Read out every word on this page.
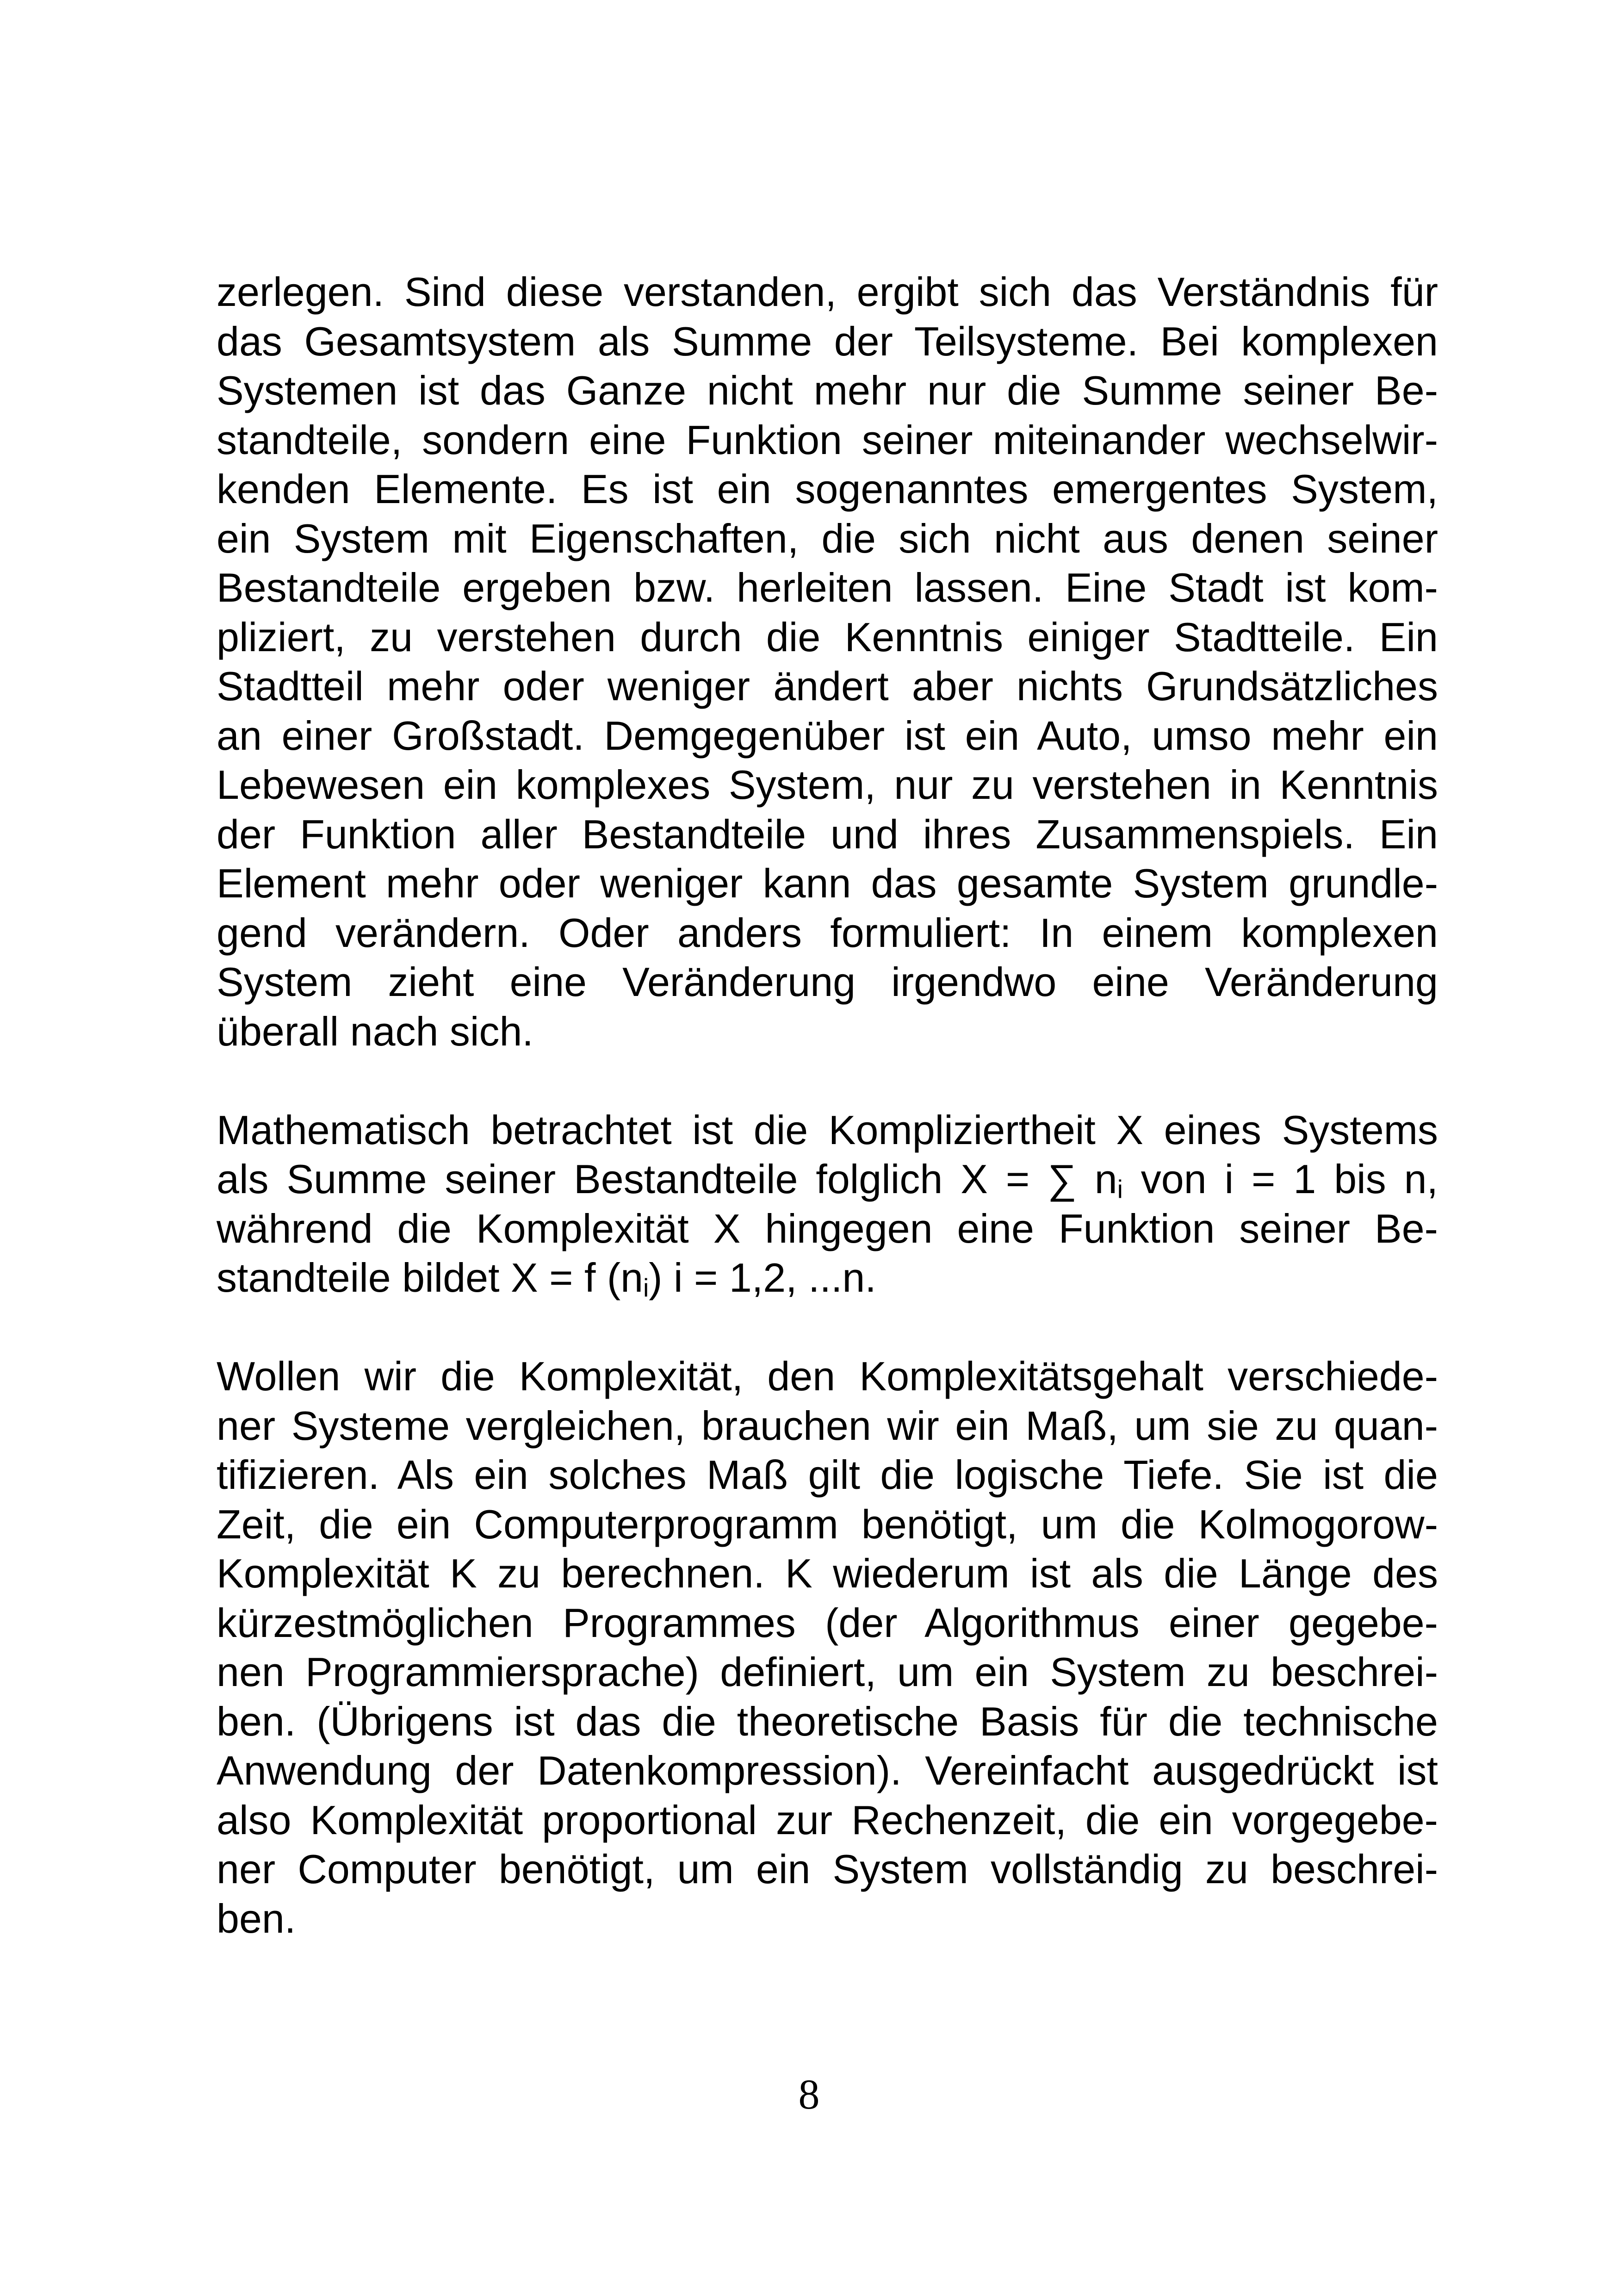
zerlegen. Sind diese verstanden, ergibt sich das Verständnis für
das Gesamtsystem als Summe der Teilsysteme. Bei komplexen
Systemen ist das Ganze nicht mehr nur die Summe seiner Be-
standteile, sondern eine Funktion seiner miteinander wechselwir-
kenden Elemente. Es ist ein sogenanntes emergentes System,
ein System mit Eigenschaften, die sich nicht aus denen seiner
Bestandteile ergeben bzw. herleiten lassen. Eine Stadt ist kom-
pliziert, zu verstehen durch die Kenntnis einiger Stadtteile. Ein
Stadtteil mehr oder weniger ändert aber nichts Grundsätzliches
an einer Großstadt. Demgegenüber ist ein Auto, umso mehr ein
Lebewesen ein komplexes System, nur zu verstehen in Kenntnis
der Funktion aller Bestandteile und ihres Zusammenspiels. Ein
Element mehr oder weniger kann das gesamte System grundle-
gend verändern. Oder anders formuliert: In einem komplexen
System zieht eine Veränderung irgendwo eine Veränderung
überall nach sich.

Mathematisch betrachtet ist die Kompliziertheit X eines Systems
als Summe seiner Bestandteile folglich X = ∑ $n_i$ von i = 1 bis n,
während die Komplexität X hingegen eine Funktion seiner Be-
standteile bildet X = f $(n_i) i = 1,2$, ...n.

Wollen wir die Komplexität, den Komplexitätsgehalt verschiede-
ner Systeme vergleichen, brauchen wir ein Maß, um sie zu quan-
tifizieren. Als ein solches Maß gilt die logische Tiefe. Sie ist die
Zeit, die ein Computerprogramm benötigt, um die Kolmogorow-
Komplexität K zu berechnen. K wiederum ist als die Länge des
kürzestmöglichen Programmes (der Algorithmus einer gegebe-
nen Programmiersprache) definiert, um ein System zu beschrei-
ben. (Übrigens ist das die theoretische Basis für die technische
Anwendung der Datenkompression). Vereinfacht ausgedrückt ist
also Komplexität proportional zur Rechenzeit, die ein vorgegebe-
ner Computer benötigt, um ein System vollständig zu beschrei-
ben.

8
